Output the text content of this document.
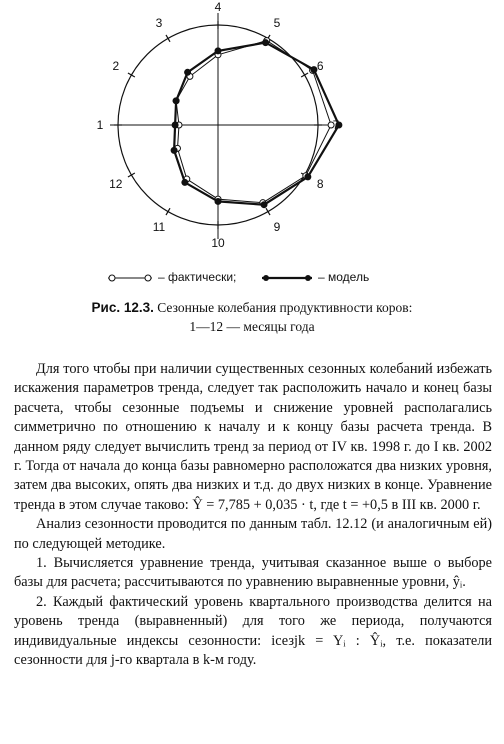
1
2
3
4
5
6
8
9
10
11
12
– фактически;	– модель
Рис. 12.3. Сезонные колебания продуктивности коров:
1—12 — месяцы года

Для того чтобы при наличии существенных сезонных колебаний избежать искажения параметров тренда, следует так расположить начало и конец базы расчета, чтобы сезонные подъемы и снижение уровней располагались симметрично по отношению к началу и к концу базы расчета тренда. В данном ряду следует вычислить тренд за период от IV кв. 1998 г. до I кв. 2002 г. Тогда от начала до конца базы равномерно расположатся два низких уровня, затем два высоких, опять два низких и т.д. до двух низких в конце. Уравнение тренда в этом случае таково: Ŷ = 7,785 + 0,035 · t, где t = +0,5 в III кв. 2000 г.

Анализ сезонности проводится по данным табл. 12.12 (и аналогичным ей) по следующей методике.

1. Вычисляется уравнение тренда, учитывая сказанное выше о выборе базы для расчета; рассчитываются по уравнению выравненные уровни, ŷᵢ.

2. Каждый фактический уровень квартального производства делится на уровень тренда (выравненный) для того же периода, получаются индивидуальные индексы сезонности: iсезjk = Yᵢ : Ŷᵢ, т.е. показатели сезонности для j-го квартала в k-м году.
